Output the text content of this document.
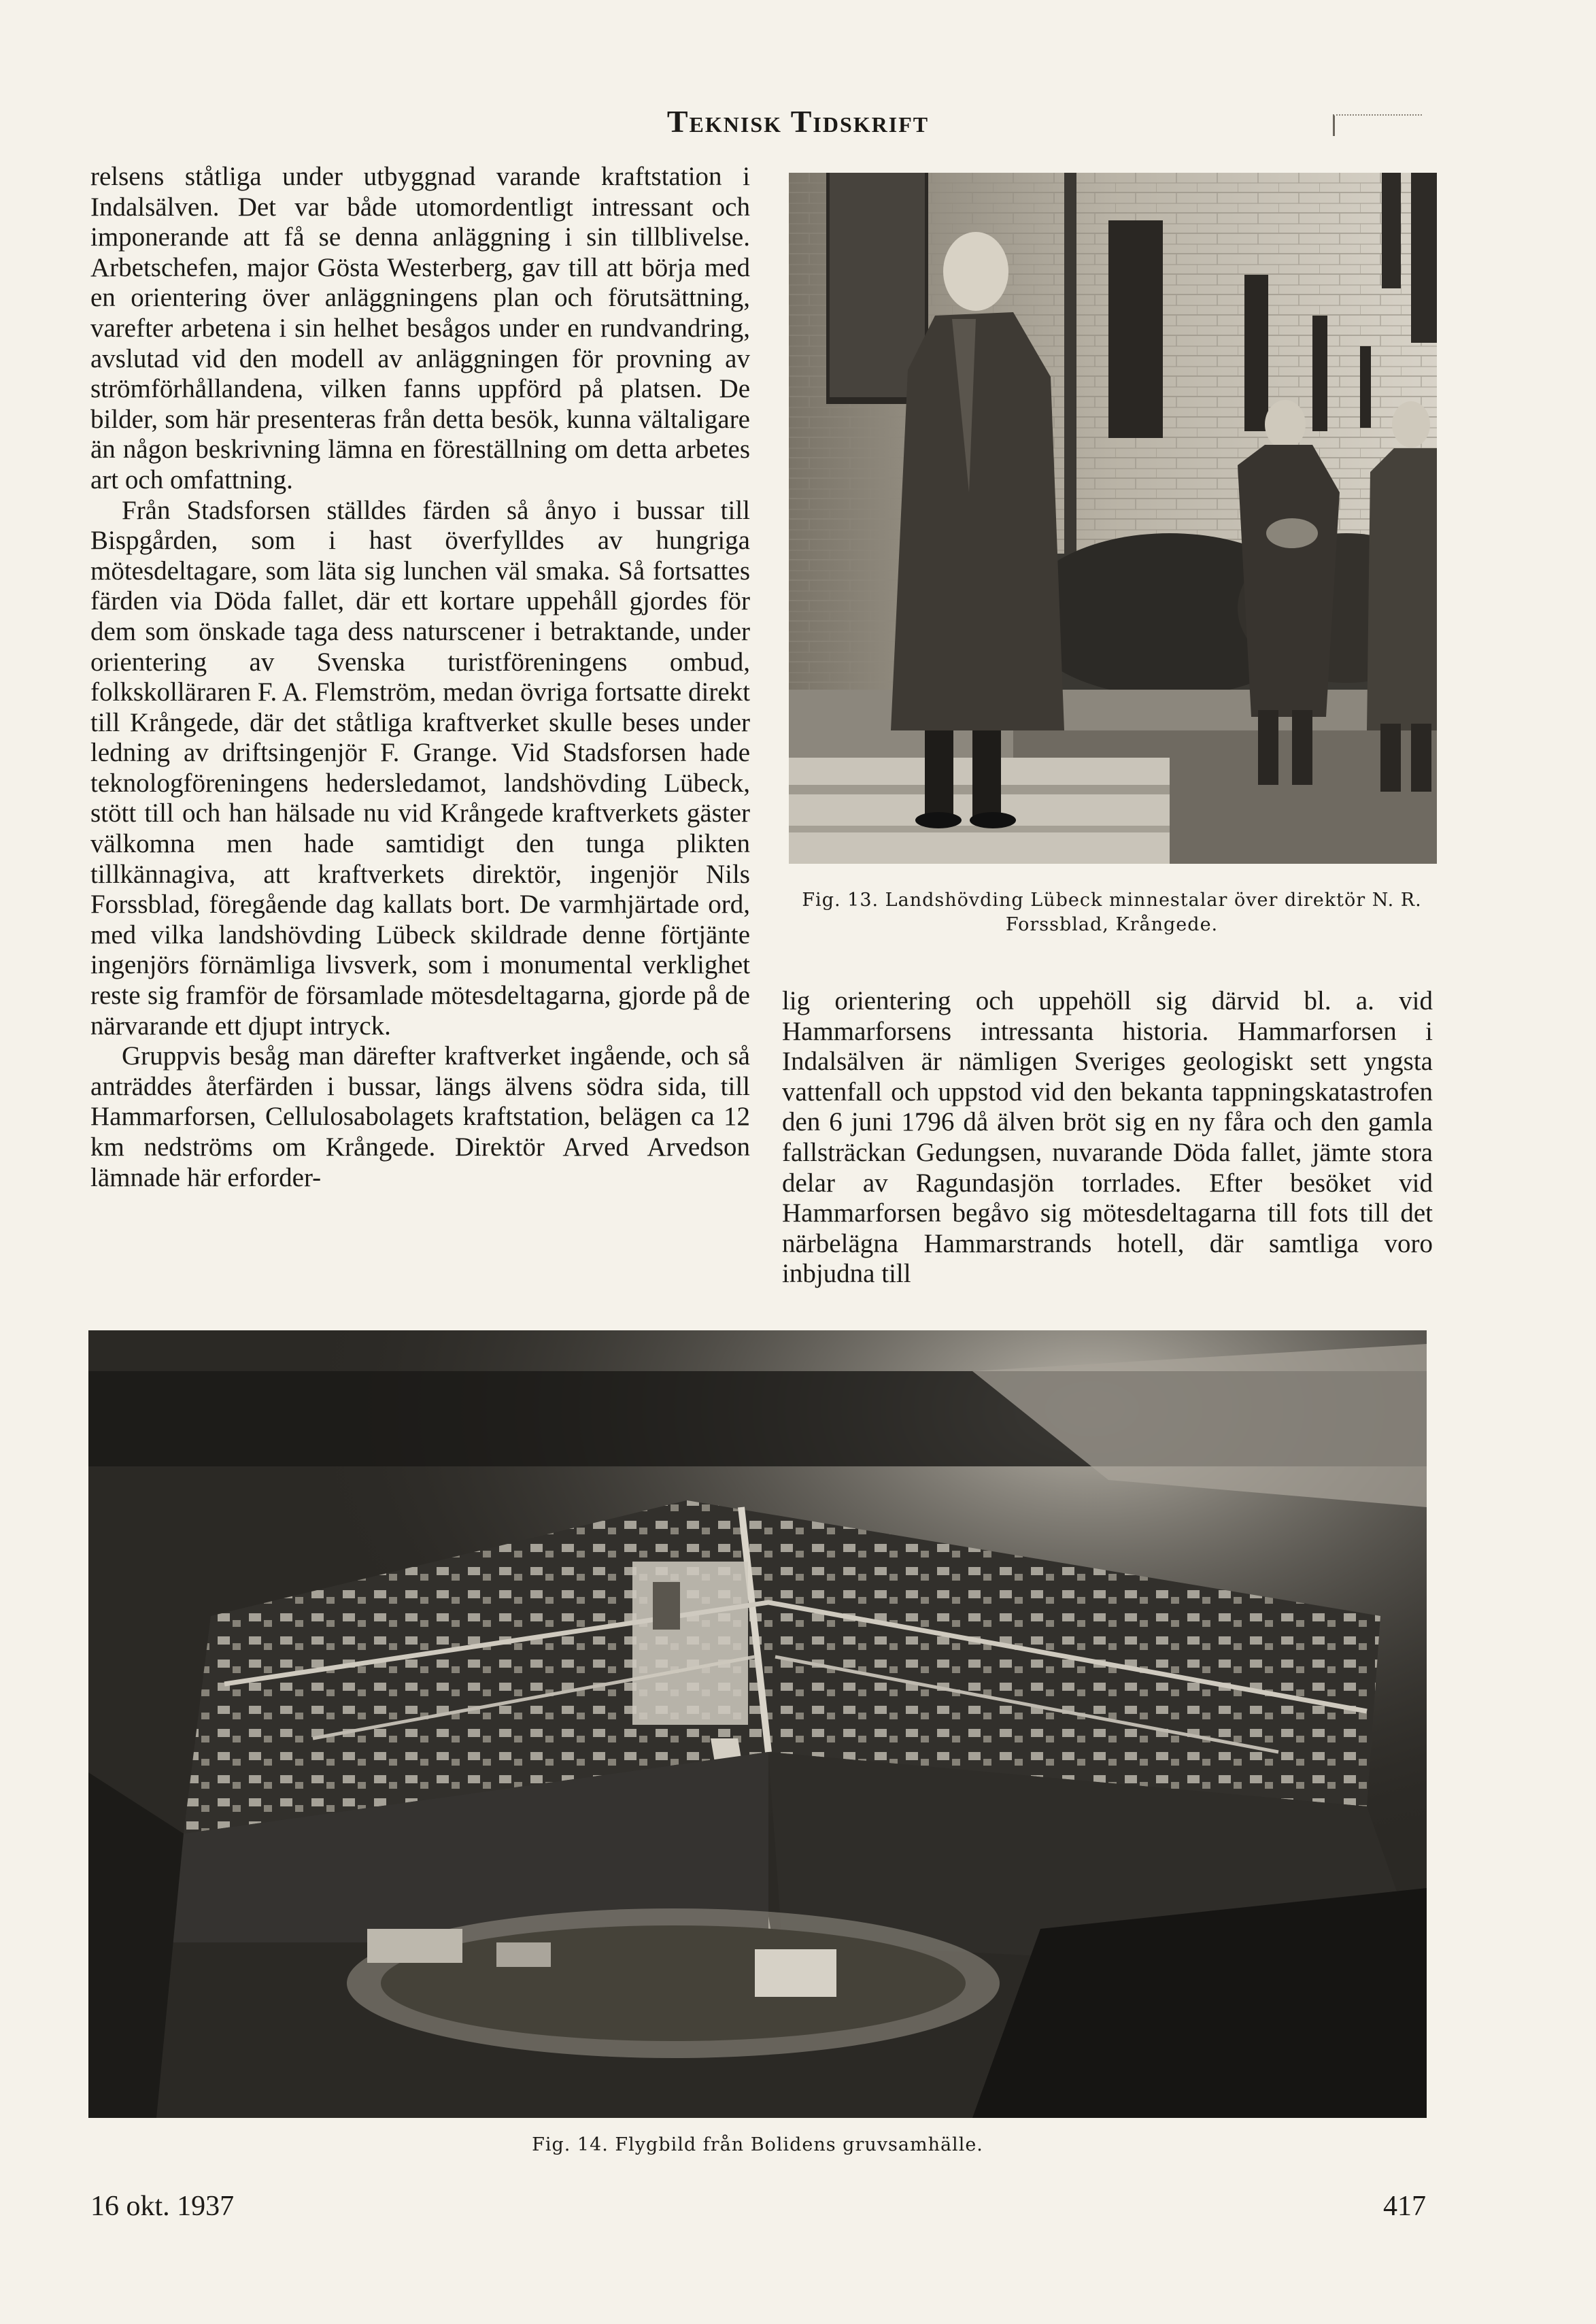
Teknisk Tidskrift

relsens ståtliga under utbyggnad varande kraftstation i Indalsälven. Det var både utomordentligt intressant och imponerande att få se denna anläggning i sin tillblivelse. Arbetschefen, major Gösta Westerberg, gav till att börja med en orientering över anläggningens plan och förutsättning, varefter arbetena i sin helhet besågos under en rundvandring, avslutad vid den modell av anläggningen för provning av strömförhållandena, vilken fanns uppförd på platsen. De bilder, som här presenteras från detta besök, kunna vältaligare än någon beskrivning lämna en föreställning om detta arbetes art och omfattning.

Från Stadsforsen ställdes färden så ånyo i bussar till Bispgården, som i hast överfylldes av hungriga mötesdeltagare, som läta sig lunchen väl smaka. Så fortsattes färden via Döda fallet, där ett kortare uppehåll gjordes för dem som önskade taga dess naturscener i betraktande, under orientering av Svenska turistföreningens ombud, folkskolläraren F. A. Flemström, medan övriga fortsatte direkt till Krångede, där det ståtliga kraftverket skulle beses under ledning av driftsingenjör F. Grange. Vid Stadsforsen hade teknologföreningens hedersledamot, landshövding Lübeck, stött till och han hälsade nu vid Krångede kraftverkets gäster välkomna men hade samtidigt den tunga plikten tillkännagiva, att kraftverkets direktör, ingenjör Nils Forssblad, föregående dag kallats bort. De varmhjärtade ord, med vilka landshövding Lübeck skildrade denne förtjänte ingenjörs förnämliga livsverk, som i monumental verklighet reste sig framför de församlade mötesdeltagarna, gjorde på de närvarande ett djupt intryck.

Gruppvis besåg man därefter kraftverket ingående, och så anträddes återfärden i bussar, längs älvens södra sida, till Hammarforsen, Cellulosabolagets kraftstation, belägen ca 12 km nedströms om Krångede. Direktör Arved Arvedson lämnade här erforder-

Fig. 13. Landshövding Lübeck minnestalar över direktör N. R. Forssblad, Krångede.

lig orientering och uppehöll sig därvid bl. a. vid Hammarforsens intressanta historia. Hammarforsen i Indalsälven är nämligen Sveriges geologiskt sett yngsta vattenfall och uppstod vid den bekanta tappningskatastrofen den 6 juni 1796 då älven bröt sig en ny fåra och den gamla fallsträckan Gedungsen, nuvarande Döda fallet, jämte stora delar av Ragundasjön torrlades. Efter besöket vid Hammarforsen begåvo sig mötesdeltagarna till fots till det närbelägna Hammarstrands hotell, där samtliga voro inbjudna till

Fig. 14. Flygbild från Bolidens gruvsamhälle.
16 okt. 1937	417
